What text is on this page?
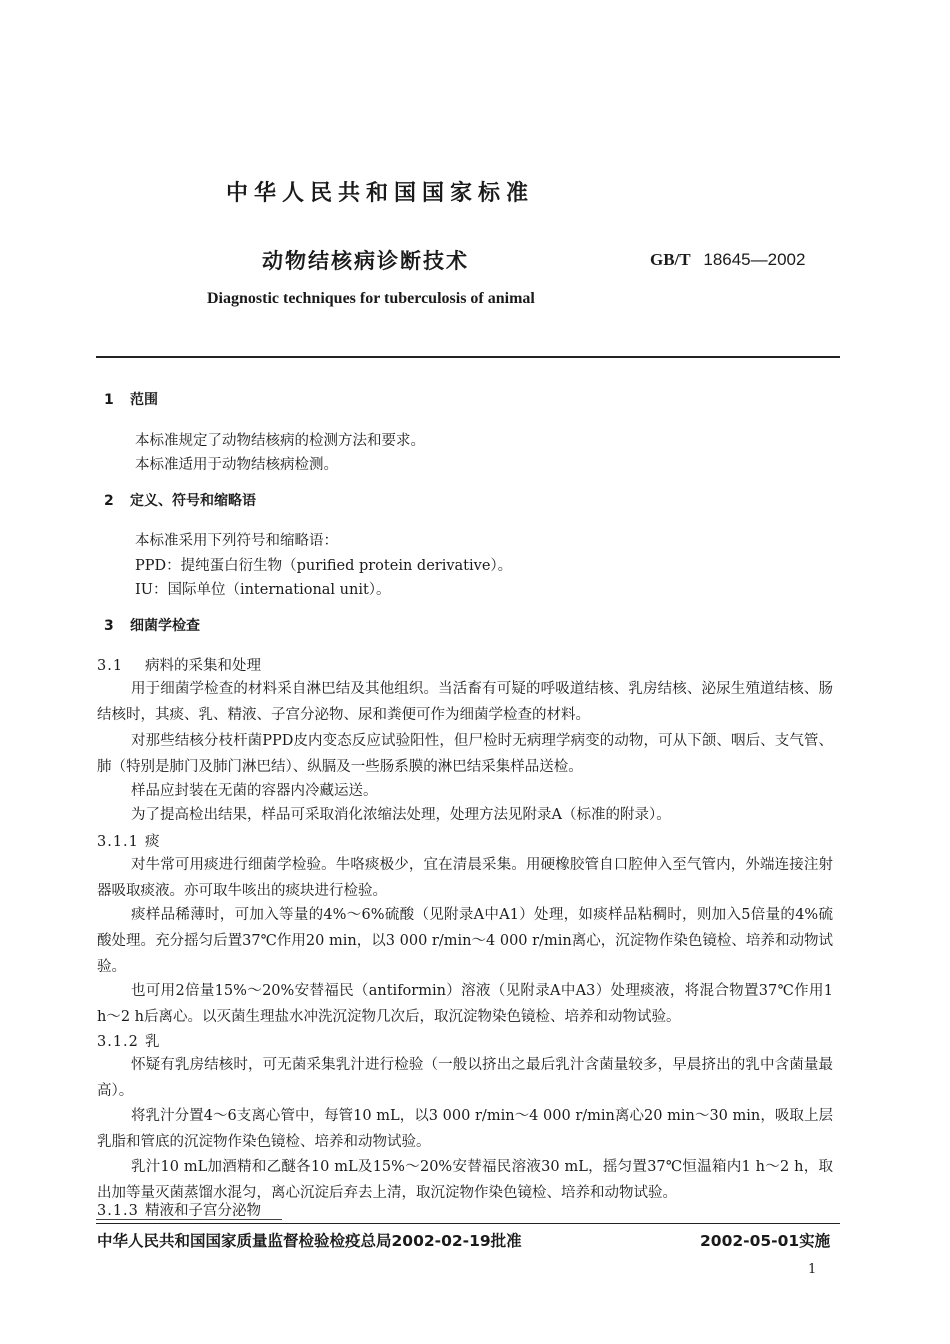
中华人民共和国国家标准
动物结核病诊断技术	GB/T 18645—2002
Diagnostic techniques for tuberculosis of animal
1 范围
本标准规定了动物结核病的检测方法和要求。
本标准适用于动物结核病检测。
2 定义、符号和缩略语
本标准采用下列符号和缩略语：
PPD：提纯蛋白衍生物（purified protein derivative）。
IU：国际单位（international unit）。
3 细菌学检查
3.1 病料的采集和处理
用于细菌学检查的材料采自淋巴结及其他组织。当活畜有可疑的呼吸道结核、乳房结核、泌尿生殖道结核、肠结核时，其痰、乳、精液、子宫分泌物、尿和粪便可作为细菌学检查的材料。
对那些结核分枝杆菌PPD皮内变态反应试验阳性，但尸检时无病理学病变的动物，可从下颌、咽后、支气管、肺（特别是肺门及肺门淋巴结）、纵膈及一些肠系膜的淋巴结采集样品送检。
样品应封装在无菌的容器内冷藏运送。
为了提高检出结果，样品可采取消化浓缩法处理，处理方法见附录A（标准的附录）。
3.1.1 痰
对牛常可用痰进行细菌学检验。牛咯痰极少，宜在清晨采集。用硬橡胶管自口腔伸入至气管内，外端连接注射器吸取痰液。亦可取牛咳出的痰块进行检验。
痰样品稀薄时，可加入等量的4%～6%硫酸（见附录A中A1）处理，如痰样品粘稠时，则加入5倍量的4%硫酸处理。充分摇匀后置37℃作用20 min，以3 000 r/min～4 000 r/min离心，沉淀物作染色镜检、培养和动物试验。
也可用2倍量15%～20%安替福民（antiformin）溶液（见附录A中A3）处理痰液，将混合物置37℃作用1 h～2 h后离心。以灭菌生理盐水冲洗沉淀物几次后，取沉淀物染色镜检、培养和动物试验。
3.1.2 乳
怀疑有乳房结核时，可无菌采集乳汁进行检验（一般以挤出之最后乳汁含菌量较多，早晨挤出的乳中含菌量最高）。
将乳汁分置4～6支离心管中，每管10 mL，以3 000 r/min～4 000 r/min离心20 min～30 min，吸取上层乳脂和管底的沉淀物作染色镜检、培养和动物试验。
乳汁10 mL加酒精和乙醚各10 mL及15%～20%安替福民溶液30 mL，摇匀置37℃恒温箱内1 h～2 h，取出加等量灭菌蒸馏水混匀，离心沉淀后弃去上清，取沉淀物作染色镜检、培养和动物试验。
3.1.3 精液和子宫分泌物
中华人民共和国国家质量监督检验检疫总局2002-02-19批准	2002-05-01实施
1
